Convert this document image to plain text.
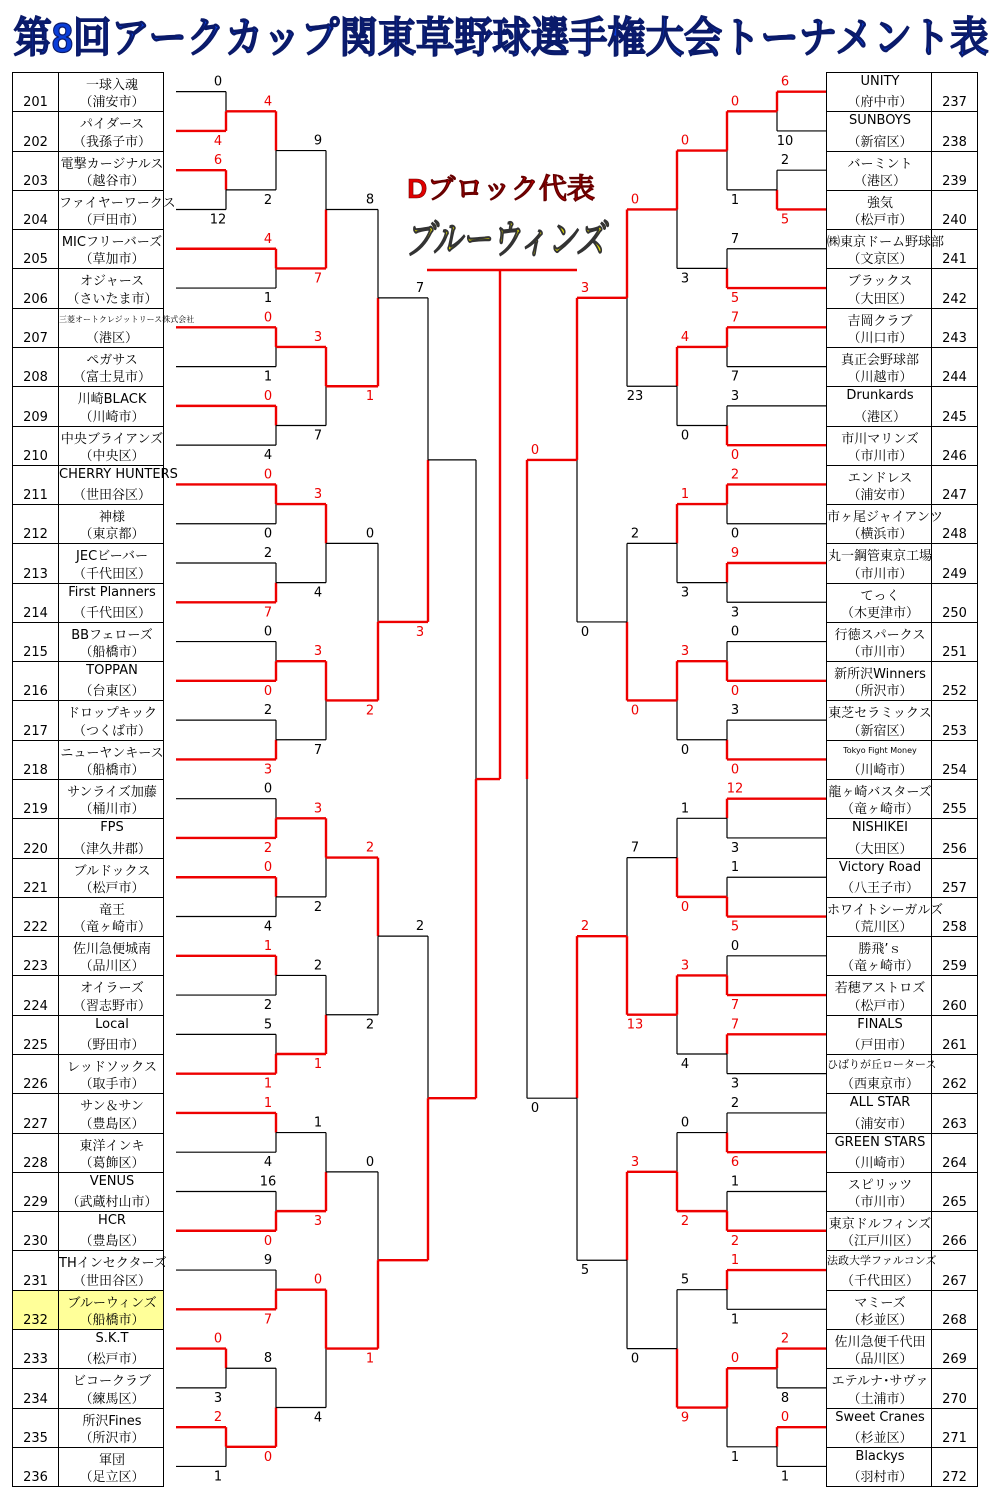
第8回アークカップ関東草野球選手権大会トーナメント表
201
一球入魂
（浦安市）
202
パイダース
（我孫子市）
203
電撃カージナルス
（越谷市）
204
ファイヤーワークス
（戸田市）
205
MICフリーバーズ
（草加市）
206
オジャース
（さいたま市）
207
三菱オートクレジットリース株式会社
（港区）
208
ペガサス
（富士見市）
209
川崎BLACK
（川崎市）
210
中央ブライアンズ
（中央区）
211
CHERRY HUNTERS
（世田谷区）
212
神様
（東京都）
213
JECビーバー
（千代田区）
214
First Planners
（千代田区）
215
BBフェローズ
（船橋市）
216
TOPPAN
（台東区）
217
ドロップキック
（つくば市）
218
ニューヤンキース
（船橋市）
219
サンライズ加藤
（桶川市）
220
FPS
（津久井郡）
221
ブルドックス
（松戸市）
222
竜王
（竜ヶ崎市）
223
佐川急便城南
（品川区）
224
オイラーズ
（習志野市）
225
Local
（野田市）
226
レッドソックス
（取手市）
227
サン＆サン
（豊島区）
228
東洋インキ
（葛飾区）
229
VENUS
（武蔵村山市）
230
HCR
（豊島区）
231
THインセクターズ
（世田谷区）
232
ブルーウィンズ
（船橋市）
233
S.K.T
（松戸市）
234
ビコークラブ
（練馬区）
235
所沢Fines
（所沢市）
236
軍団
（足立区）
237
UNITY
（府中市）
238
SUNBOYS
（新宿区）
239
バーミント
（港区）
240
強気
（松戸市）
241
㈱東京ドーム野球部
（文京区）
242
ブラックス
（大田区）
243
吉岡クラブ
（川口市）
244
真正会野球部
（川越市）
245
Drunkards
（港区）
246
市川マリンズ
（市川市）
247
エンドレス
（浦安市）
248
市ヶ尾ジャイアンツ
（横浜市）
249
丸一鋼管東京工場
（市川市）
250
てっく
（木更津市）
251
行徳スパークス
（市川市）
252
新所沢Winners
（所沢市）
253
東芝セラミックス
（新宿区）
254
Tokyo Fight Money
（川崎市）
255
龍ヶ崎バスターズ
（竜ヶ崎市）
256
NISHIKEI
（大田区）
257
Victory Road
（八王子市）
258
ホワイトシーガルズ
（荒川区）
259
勝飛’ｓ
（竜ヶ崎市）
260
若穂アストロズ
（松戸市）
261
FINALS
（戸田市）
262
ひばりが丘ロータース
（西東京市）
263
ALL STAR
（浦安市）
264
GREEN STARS
（川崎市）
265
スピリッツ
（市川市）
266
東京ドルフィンズ
（江戸川区）
267
法政大学ファルコンズ
（千代田区）
268
マミーズ
（杉並区）
269
佐川急便千代田
（品川区）
270
エテルナ･サヴァ
（土浦市）
271
Sweet Cranes
（杉並区）
272
Blackys
（羽村市）
0
4
6
12
4
2
4
1
9
7
0
1
0
4
3
7
8
1
0
0
2
7
3
4
0
0
2
3
3
7
0
2
7
3
0
2
0
4
3
2
1
2
5
1
2
1
2
2
1
4
16
0
1
3
9
7
0
3
2
1
8
0
0
4
0
1
2
6
10
2
5
0
1
7
5
0
3
7
7
3
0
4
0
0
23
2
0
9
3
1
3
0
0
3
0
3
0
2
0
3
0
12
3
1
5
1
0
0
7
7
3
3
4
7
13
2
6
1
2
0
2
1
1
2
8
0
1
0
1
5
9
3
0
2
5
0
0
Dブロック代表
ブルーウィンズ
